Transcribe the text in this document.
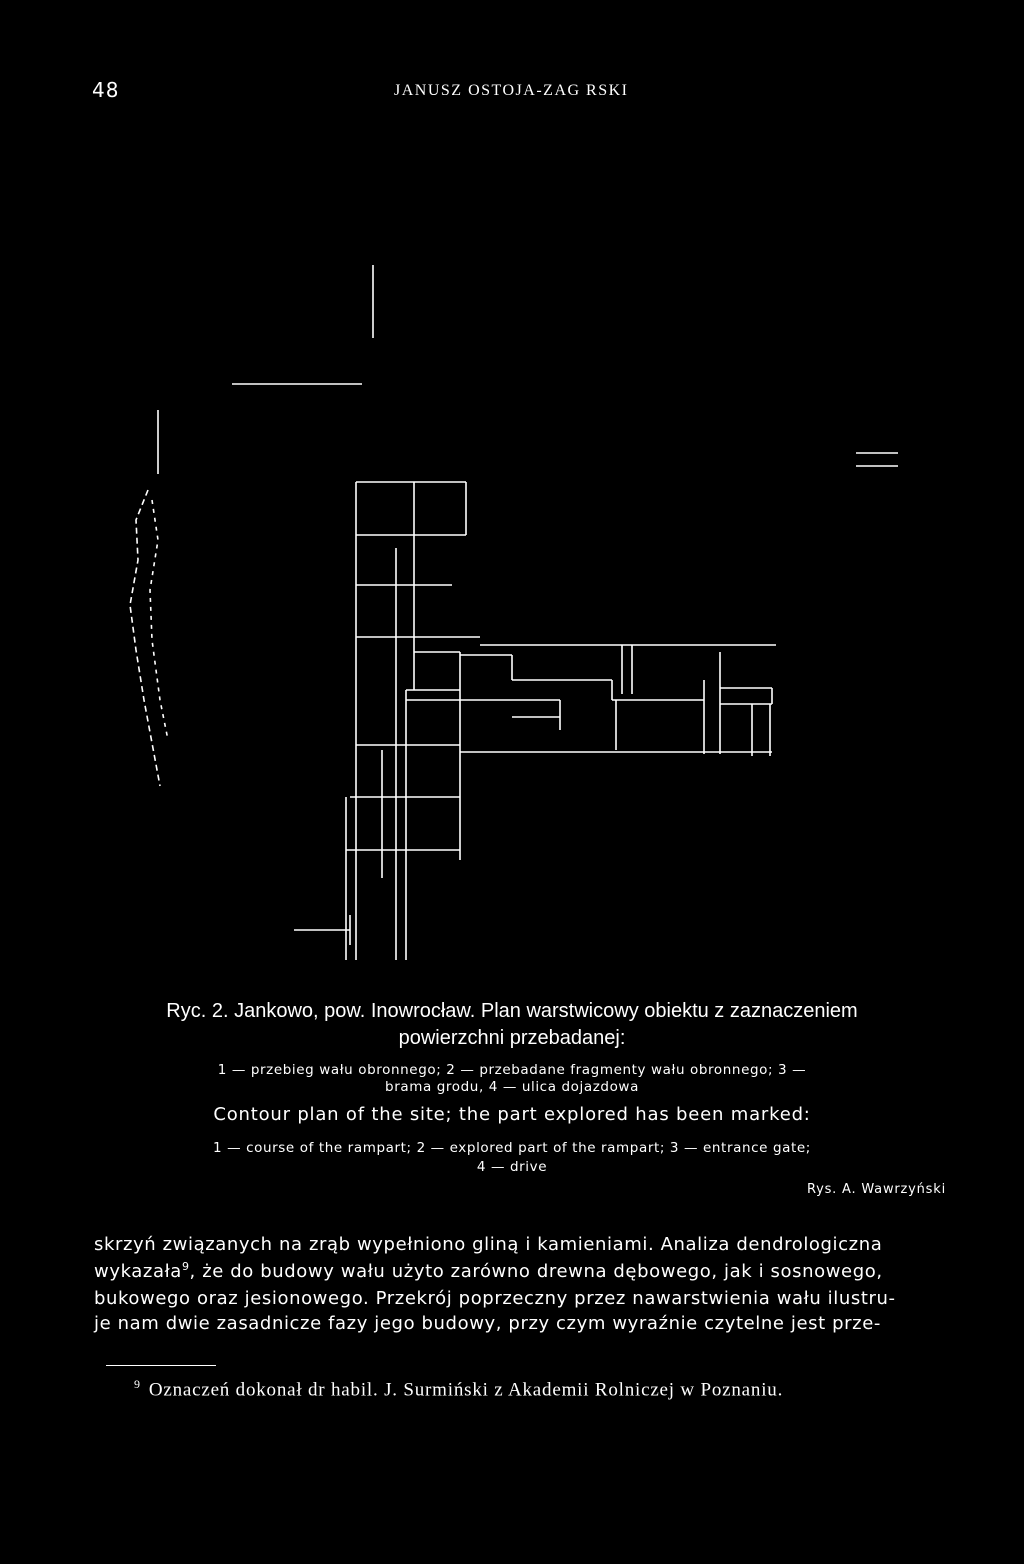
48	JANUSZ OSTOJA-ZAG RSKI
Ryc. 2. Jankowo, pow. Inowrocław. Plan warstwicowy obiektu z zaznaczeniem
powierzchni przebadanej:
1 — przebieg wału obronnego; 2 — przebadane fragmenty wału obronnego; 3 —
brama grodu, 4 — ulica dojazdowa
Contour plan of the site; the part explored has been marked:
1 — course of the rampart; 2 — explored part of the rampart; 3 — entrance gate;
4 — drive
Rys. A. Wawrzyński
skrzyń związanych na zrąb wypełniono gliną i kamieniami. Analiza dendrologiczna
wykazała$^9$, że do budowy wału użyto zarówno drewna dębowego, jak i sosnowego,
bukowego oraz jesionowego. Przekrój poprzeczny przez nawarstwienia wału ilustru-
je nam dwie zasadnicze fazy jego budowy, przy czym wyraźnie czytelne jest prze-
$^9$ Oznaczeń dokonał dr habil. J. Surmiński z Akademii Rolniczej w Poznaniu.
